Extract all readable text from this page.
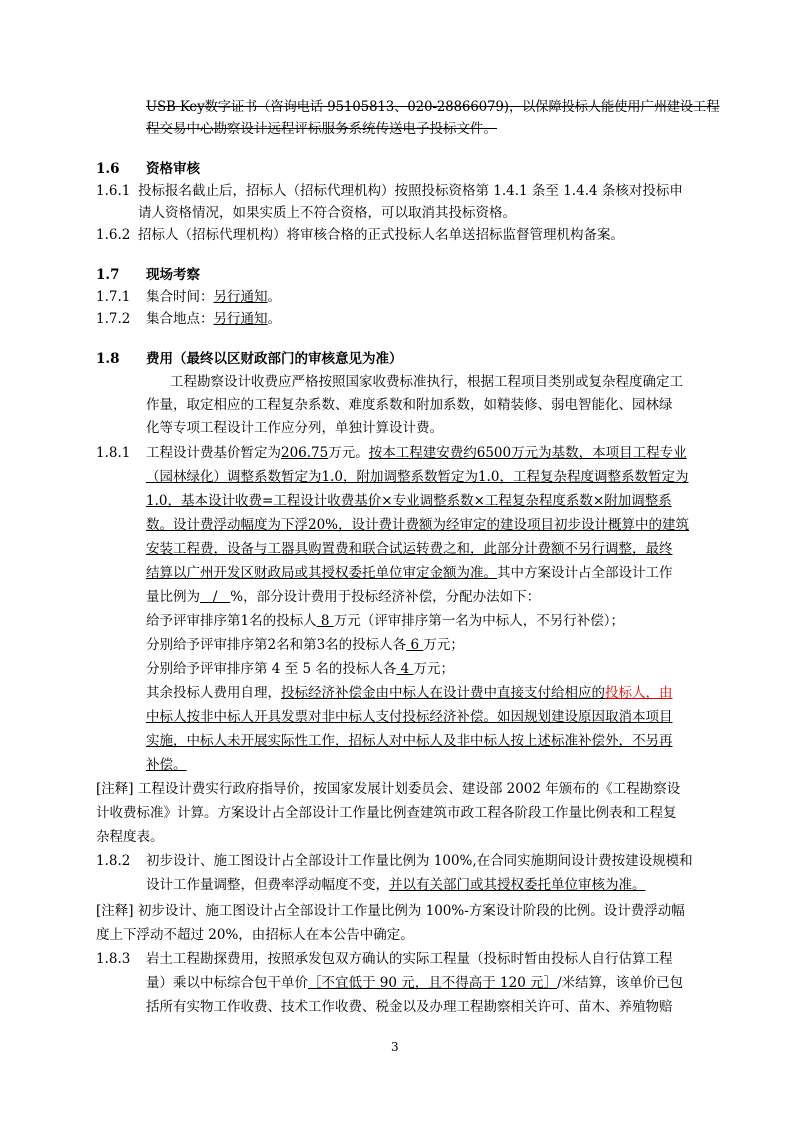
USB Key数字证书（咨询电话 95105813、020-28866079)，以保障投标人能使用广州建设工程
程交易中心勘察设计远程评标服务系统传送电子投标文件。
1.6 资格审核
1.6.1 投标报名截止后，招标人（招标代理机构）按照投标资格第 1.4.1 条至 1.4.4 条核对投标申
请人资格情况，如果实质上不符合资格，可以取消其投标资格。
1.6.2 招标人（招标代理机构）将审核合格的正式投标人名单送招标监督管理机构备案。
1.7 现场考察
1.7.1 集合时间：另行通知。
1.7.2 集合地点：另行通知。
1.8 费用（最终以区财政部门的审核意见为准）
工程勘察设计收费应严格按照国家收费标准执行，根据工程项目类别或复杂程度确定工
作量，取定相应的工程复杂系数、难度系数和附加系数，如精装修、弱电智能化、园林绿
化等专项工程设计工作应分列，单独计算设计费。
1.8.1 工程设计费基价暂定为206.75万元。按本工程建安费约6500万元为基数，本项目工程专业
（园林绿化）调整系数暂定为1.0，附加调整系数暂定为1.0，工程复杂程度调整系数暂定为
1.0，基本设计收费=工程设计收费基价×专业调整系数×工程复杂程度系数×附加调整系
数。设计费浮动幅度为下浮20%，设计费计费额为经审定的建设项目初步设计概算中的建筑
安装工程费，设备与工器具购置费和联合试运转费之和，此部分计费额不另行调整，最终
结算以广州开发区财政局或其授权委托单位审定金额为准。其中方案设计占全部设计工作
量比例为   /   %，部分设计费用于投标经济补偿，分配办法如下：
给予评审排序第1名的投标人 8 万元（评审排序第一名为中标人，不另行补偿）；
分别给予评审排序第2名和第3名的投标人各 6 万元；
分别给予评审排序第 4 至 5 名的投标人各 4 万元；
其余投标人费用自理，投标经济补偿金由中标人在设计费中直接支付给相应的投标人，由
中标人按非中标人开具发票对非中标人支付投标经济补偿。如因规划建设原因取消本项目
实施，中标人未开展实际性工作，招标人对中标人及非中标人按上述标准补偿外，不另再
补偿。
[注释] 工程设计费实行政府指导价，按国家发展计划委员会、建设部 2002 年颁布的《工程勘察设
计收费标准》计算。方案设计占全部设计工作量比例查建筑市政工程各阶段工作量比例表和工程复
杂程度表。
1.8.2 初步设计、施工图设计占全部设计工作量比例为 100%,在合同实施期间设计费按建设规模和
设计工作量调整，但费率浮动幅度不变，并以有关部门或其授权委托单位审核为准。
[注释] 初步设计、施工图设计占全部设计工作量比例为 100%-方案设计阶段的比例。设计费浮动幅
度上下浮动不超过 20%，由招标人在本公告中确定。
1.8.3 岩土工程勘探费用，按照承发包双方确认的实际工程量（投标时暂由投标人自行估算工程
量）乘以中标综合包干单价［不宜低于 90 元，且不得高于 120 元］/米结算，该单价已包
括所有实物工作收费、技术工作收费、税金以及办理工程勘察相关许可、苗木、养殖物赔
3
